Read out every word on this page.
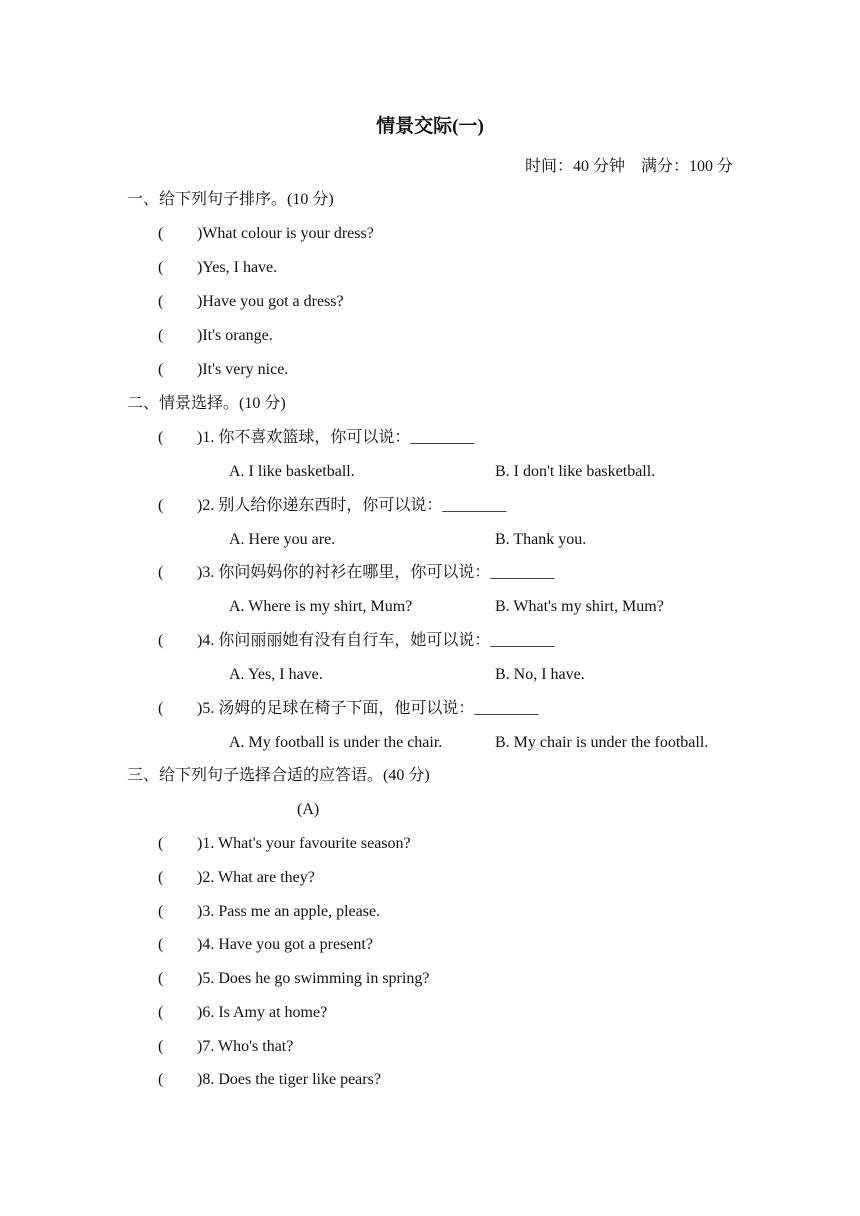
情景交际(一)
时间：40 分钟 满分：100 分
一、给下列句子排序。(10 分)
( )What colour is your dress?
( )Yes, I have.
( )Have you got a dress?
( )It's orange.
( )It's very nice.
二、情景选择。(10 分)
( )1. 你不喜欢篮球，你可以说：________
A. I like basketball.	B. I don't like basketball.
( )2. 别人给你递东西时，你可以说：________
A. Here you are.	B. Thank you.
( )3. 你问妈妈你的衬衫在哪里，你可以说：________
A. Where is my shirt, Mum?	B. What's my shirt, Mum?
( )4. 你问丽丽她有没有自行车，她可以说：________
A. Yes, I have.	B. No, I have.
( )5. 汤姆的足球在椅子下面，他可以说：________
A. My football is under the chair.	B. My chair is under the football.
三、给下列句子选择合适的应答语。(40 分)
(A)
( )1. What's your favourite season?
( )2. What are they?
( )3. Pass me an apple, please.
( )4. Have you got a present?
( )5. Does he go swimming in spring?
( )6. Is Amy at home?
( )7. Who's that?
( )8. Does the tiger like pears?
